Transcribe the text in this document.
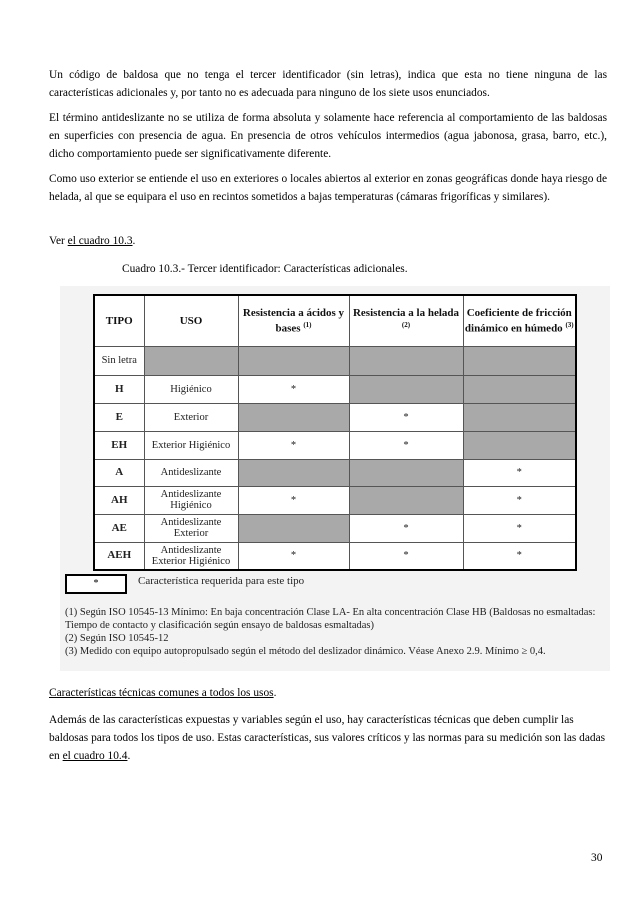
Un código de baldosa que no tenga el tercer identificador (sin letras), indica que esta no tiene ninguna de las características adicionales y, por tanto no es adecuada para ninguno de los siete usos enunciados.

El término antideslizante no se utiliza de forma absoluta y solamente hace referencia al comportamiento de las baldosas en superficies con presencia de agua. En presencia de otros vehículos intermedios (agua jabonosa, grasa, barro, etc.), dicho comportamiento puede ser significativamente diferente.

Como uso exterior se entiende el uso en exteriores o locales abiertos al exterior en zonas geográficas donde haya riesgo de helada, al que se equipara el uso en recintos sometidos a bajas temperaturas (cámaras frigoríficas y similares).

Ver el cuadro 10.3.

Cuadro 10.3.- Tercer identificador: Características adicionales.
TIPO	USO	Resistencia a ácidos y bases $^{(1)}$	Resistencia a la helada $^{(2)}$	Coeficiente de fricción dinámico en húmedo $^{(3)}$
Sin letra				
H	Higiénico	*		
E	Exterior		*	
EH	Exterior Higiénico	*	*	
A	Antideslizante			*
AH	Antideslizante Higiénico	*		*
AE	Antideslizante Exterior		*	*
AEH	Antideslizante Exterior Higiénico	*	*	*
*	Característica requerida para este tipo
(1) Según ISO 10545-13 Mínimo: En baja concentración Clase LA- En alta concentración Clase HB (Baldosas no esmaltadas: Tiempo de contacto y clasificación según ensayo de baldosas esmaltadas)
(2) Según ISO 10545-12
(3) Medido con equipo autopropulsado según el método del deslizador dinámico. Véase Anexo 2.9. Mínimo ≥ 0,4.

Características técnicas comunes a todos los usos.

Además de las características expuestas y variables según el uso, hay características técnicas que deben cumplir las baldosas para todos los tipos de uso. Estas características, sus valores críticos y las normas para su medición son las dadas en el cuadro 10.4.

30
